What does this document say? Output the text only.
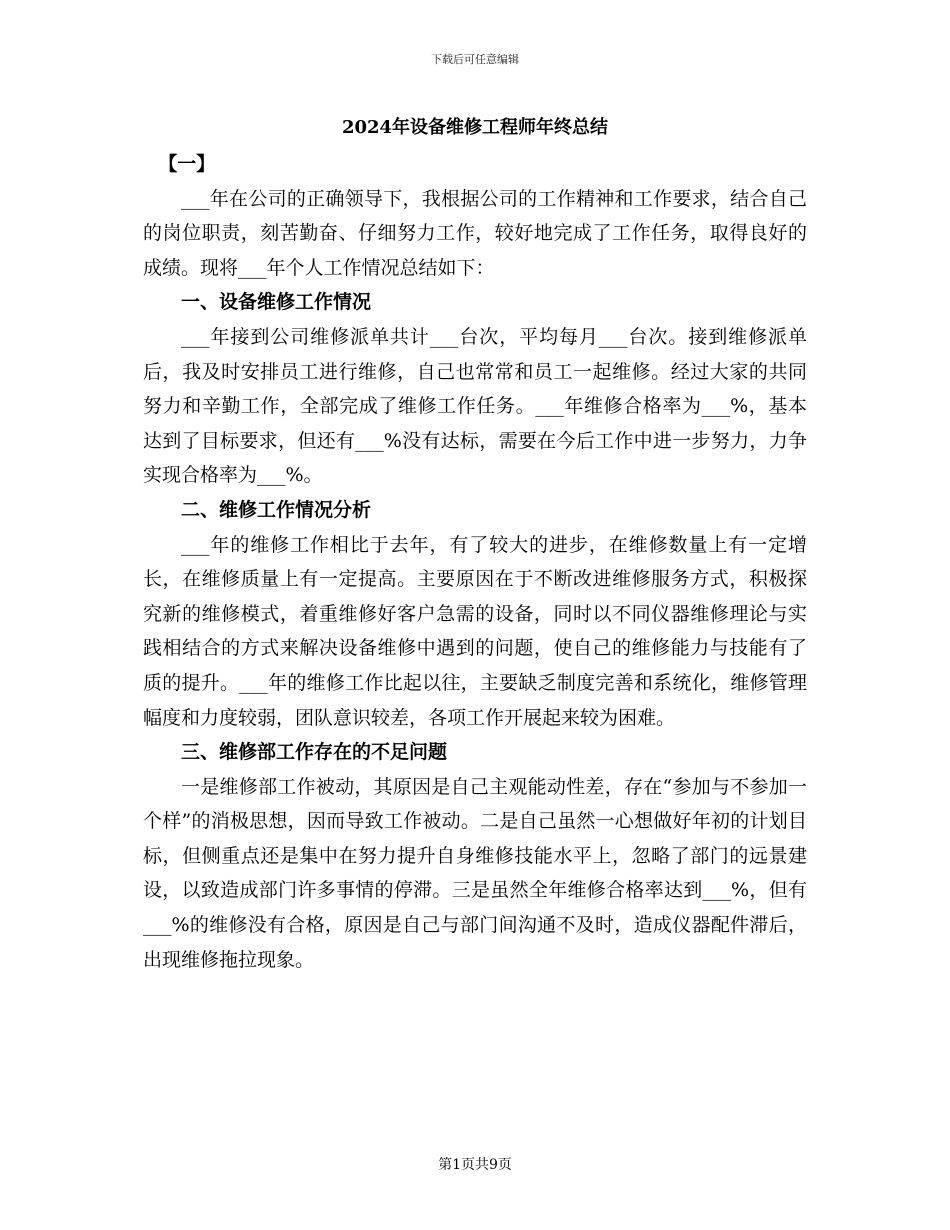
下载后可任意编辑
2024年设备维修工程师年终总结

【一】

___年在公司的正确领导下，我根据公司的工作精神和工作要求，结合自己的岗位职责，刻苦勤奋、仔细努力工作，较好地完成了工作任务，取得良好的成绩。现将___年个人工作情况总结如下：

一、设备维修工作情况

___年接到公司维修派单共计___台次，平均每月___台次。接到维修派单后，我及时安排员工进行维修，自己也常常和员工一起维修。经过大家的共同努力和辛勤工作，全部完成了维修工作任务。___年维修合格率为___%，基本达到了目标要求，但还有___%没有达标，需要在今后工作中进一步努力，力争实现合格率为___%。

二、维修工作情况分析

___年的维修工作相比于去年，有了较大的进步，在维修数量上有一定增长，在维修质量上有一定提高。主要原因在于不断改进维修服务方式，积极探究新的维修模式，着重维修好客户急需的设备，同时以不同仪器维修理论与实践相结合的方式来解决设备维修中遇到的问题，使自己的维修能力与技能有了质的提升。___年的维修工作比起以往，主要缺乏制度完善和系统化，维修管理幅度和力度较弱，团队意识较差，各项工作开展起来较为困难。

三、维修部工作存在的不足问题

一是维修部工作被动，其原因是自己主观能动性差，存在“参加与不参加一个样”的消极思想，因而导致工作被动。二是自己虽然一心想做好年初的计划目标，但侧重点还是集中在努力提升自身维修技能水平上，忽略了部门的远景建设，以致造成部门许多事情的停滞。三是虽然全年维修合格率达到___%，但有___%的维修没有合格，原因是自己与部门间沟通不及时，造成仪器配件滞后，出现维修拖拉现象。

第1页共9页
